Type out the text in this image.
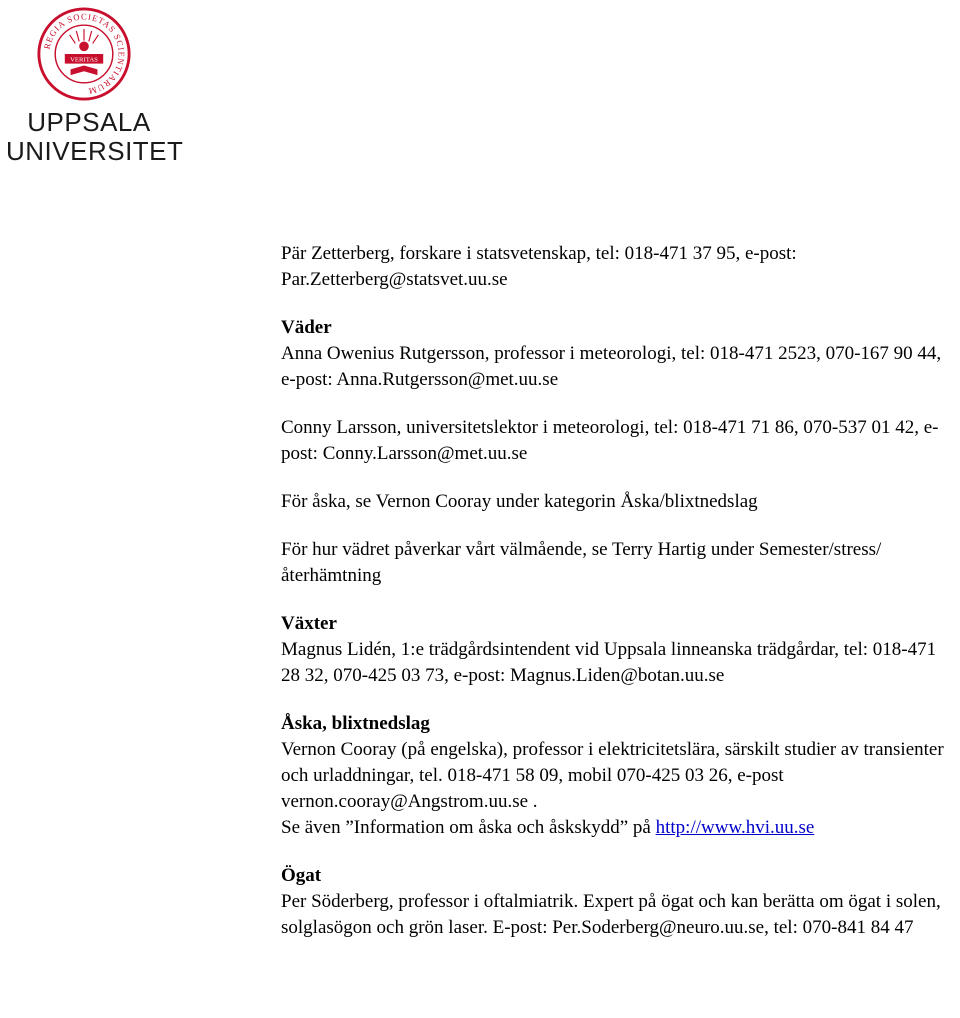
REGIA SOCIETAS SCIENTIARUM
VERITAS
UPPSALA
UNIVERSITET

Pär Zetterberg, forskare i statsvetenskap, tel: 018-471 37 95, e-post: Par.Zetterberg@statsvet.uu.se

Väder

Anna Owenius Rutgersson, professor i meteorologi, tel: 018-471 2523, 070-167 90 44, e-post: Anna.Rutgersson@met.uu.se

Conny Larsson, universitetslektor i meteorologi, tel: 018-471 71 86, 070-537 01 42, e-post: Conny.Larsson@met.uu.se

För åska, se Vernon Cooray under kategorin Åska/blixtnedslag

För hur vädret påverkar vårt välmående, se Terry Hartig under Semester/stress/återhämtning

Växter

Magnus Lidén, 1:e trädgårdsintendent vid Uppsala linneanska trädgårdar, tel: 018-471 28 32, 070-425 03 73, e-post: Magnus.Liden@botan.uu.se

Åska, blixtnedslag

Vernon Cooray (på engelska), professor i elektricitetslära, särskilt studier av transienter och urladdningar, tel. 018-471 58 09, mobil 070-425 03 26, e-post vernon.cooray@Angstrom.uu.se .

Se även ”Information om åska och åskskydd” på http://www.hvi.uu.se

Ögat

Per Söderberg, professor i oftalmiatrik. Expert på ögat och kan berätta om ögat i solen, solglasögon och grön laser. E-post: Per.Soderberg@neuro.uu.se, tel: 070-841 84 47
